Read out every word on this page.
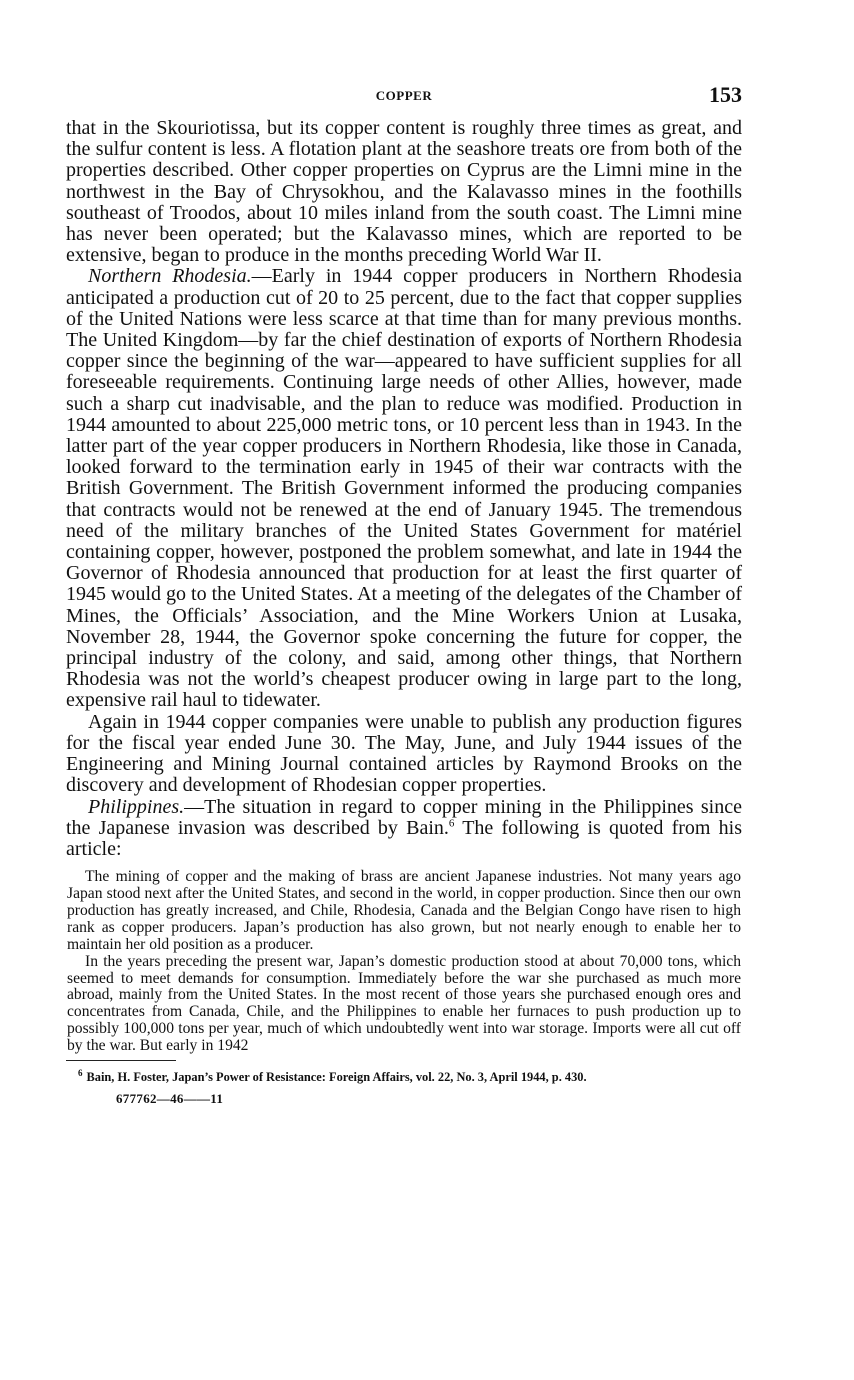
COPPER	153

that in the Skouriotissa, but its copper content is roughly three times as great, and the sulfur content is less. A flotation plant at the seashore treats ore from both of the properties described. Other copper properties on Cyprus are the Limni mine in the northwest in the Bay of Chrysokhou, and the Kalavasso mines in the foothills southeast of Troodos, about 10 miles inland from the south coast. The Limni mine has never been operated; but the Kalavasso mines, which are reported to be extensive, began to produce in the months preceding World War II.

Northern Rhodesia.—Early in 1944 copper producers in Northern Rhodesia anticipated a production cut of 20 to 25 percent, due to the fact that copper supplies of the United Nations were less scarce at that time than for many previous months. The United Kingdom—by far the chief destination of exports of Northern Rhodesia copper since the beginning of the war—appeared to have sufficient supplies for all foreseeable requirements. Continuing large needs of other Allies, however, made such a sharp cut inadvisable, and the plan to reduce was modified. Production in 1944 amounted to about 225,000 metric tons, or 10 percent less than in 1943. In the latter part of the year copper producers in Northern Rhodesia, like those in Canada, looked forward to the termination early in 1945 of their war contracts with the British Government. The British Government informed the producing companies that contracts would not be renewed at the end of January 1945. The tremendous need of the military branches of the United States Government for matériel containing copper, however, postponed the problem somewhat, and late in 1944 the Governor of Rhodesia announced that production for at least the first quarter of 1945 would go to the United States. At a meeting of the delegates of the Chamber of Mines, the Officials’ Association, and the Mine Workers Union at Lusaka, November 28, 1944, the Governor spoke concerning the future for copper, the principal industry of the colony, and said, among other things, that Northern Rhodesia was not the world’s cheapest producer owing in large part to the long, expensive rail haul to tidewater.

Again in 1944 copper companies were unable to publish any production figures for the fiscal year ended June 30. The May, June, and July 1944 issues of the Engineering and Mining Journal contained articles by Raymond Brooks on the discovery and development of Rhodesian copper properties.

Philippines.—The situation in regard to copper mining in the Philippines since the Japanese invasion was described by Bain.$^6$ The following is quoted from his article:

The mining of copper and the making of brass are ancient Japanese industries. Not many years ago Japan stood next after the United States, and second in the world, in copper production. Since then our own production has greatly increased, and Chile, Rhodesia, Canada and the Belgian Congo have risen to high rank as copper producers. Japan’s production has also grown, but not nearly enough to enable her to maintain her old position as a producer.

In the years preceding the present war, Japan’s domestic production stood at about 70,000 tons, which seemed to meet demands for consumption. Immediately before the war she purchased as much more abroad, mainly from the United States. In the most recent of those years she purchased enough ores and concentrates from Canada, Chile, and the Philippines to enable her furnaces to push production up to possibly 100,000 tons per year, much of which undoubtedly went into war storage. Imports were all cut off by the war. But early in 1942

$^6$ Bain, H. Foster, Japan’s Power of Resistance: Foreign Affairs, vol. 22, No. 3, April 1944, p. 430.
677762—46——11
